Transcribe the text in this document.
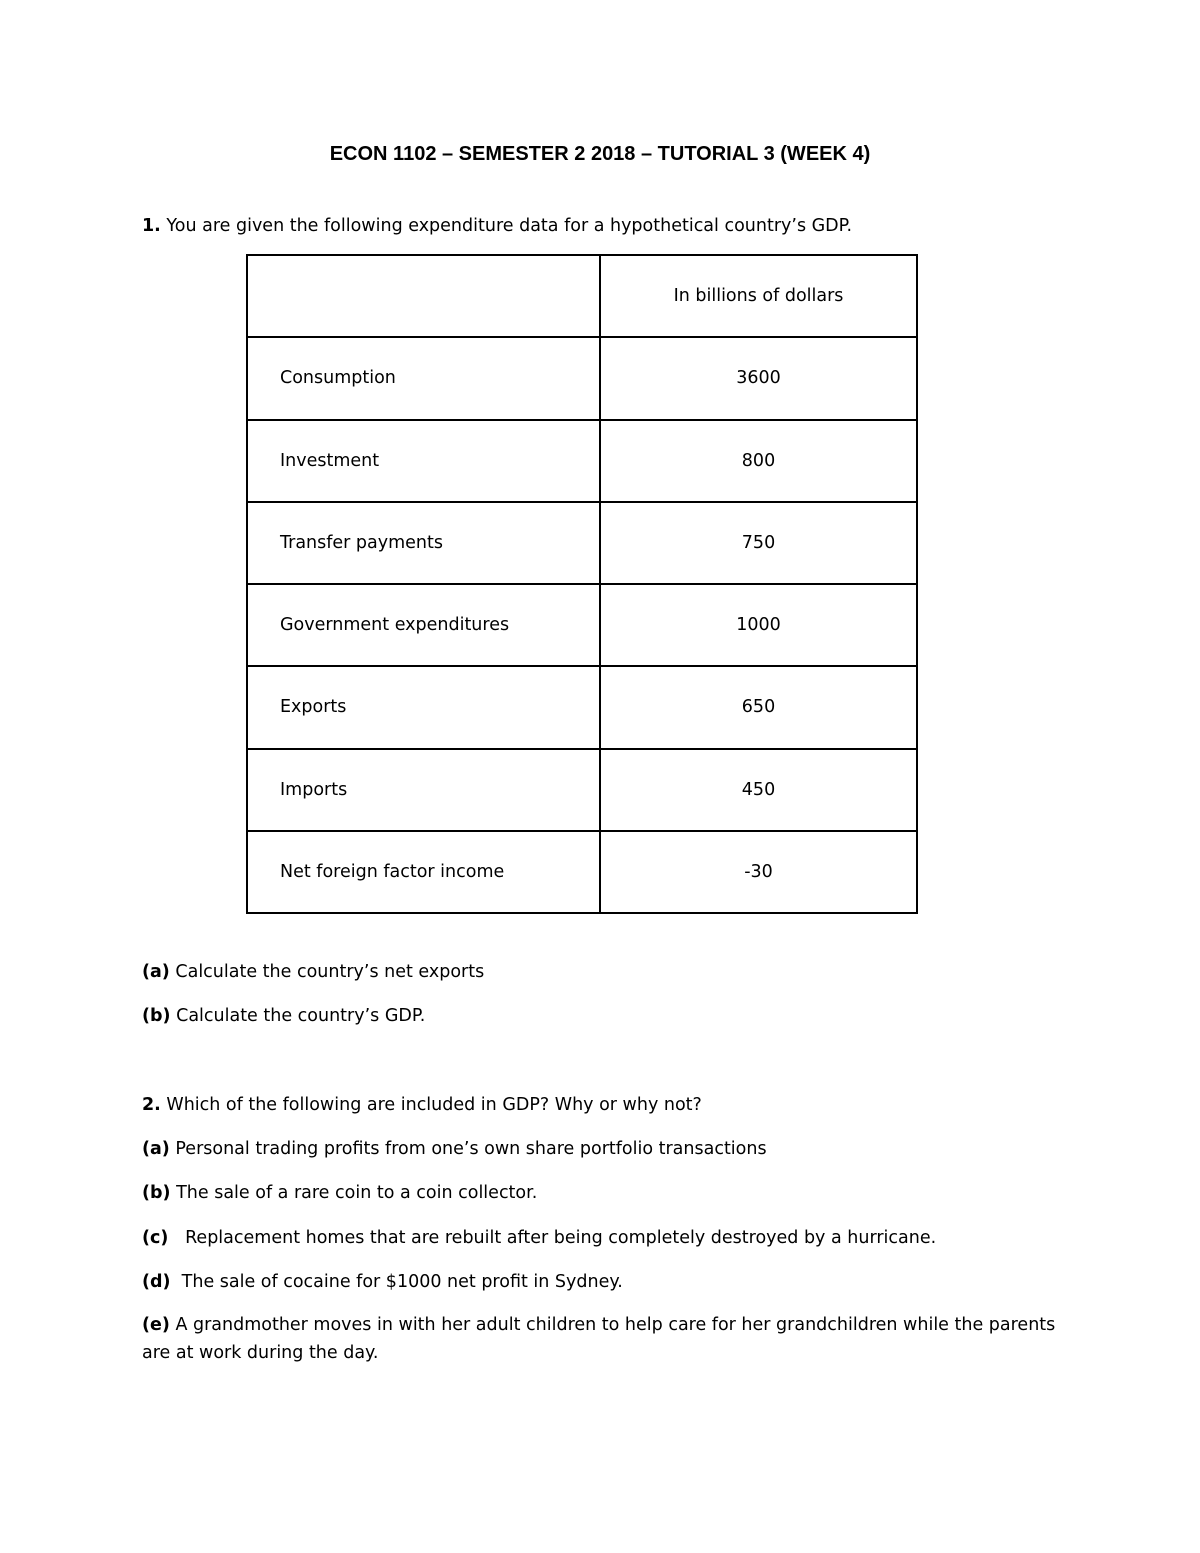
ECON 1102 – SEMESTER 2 2018 – TUTORIAL 3 (WEEK 4)
1. You are given the following expenditure data for a hypothetical country’s GDP.
	In billions of dollars
Consumption	3600
Investment	800
Transfer payments	750
Government expenditures	1000
Exports	650
Imports	450
Net foreign factor income	-30
(a) Calculate the country’s net exports
(b) Calculate the country’s GDP.
2. Which of the following are included in GDP? Why or why not?
(a) Personal trading profits from one’s own share portfolio transactions
(b) The sale of a rare coin to a coin collector.
(c)   Replacement homes that are rebuilt after being completely destroyed by a hurricane.
(d)  The sale of cocaine for $1000 net profit in Sydney.
(e) A grandmother moves in with her adult children to help care for her grandchildren while the parents are at work during the day.
